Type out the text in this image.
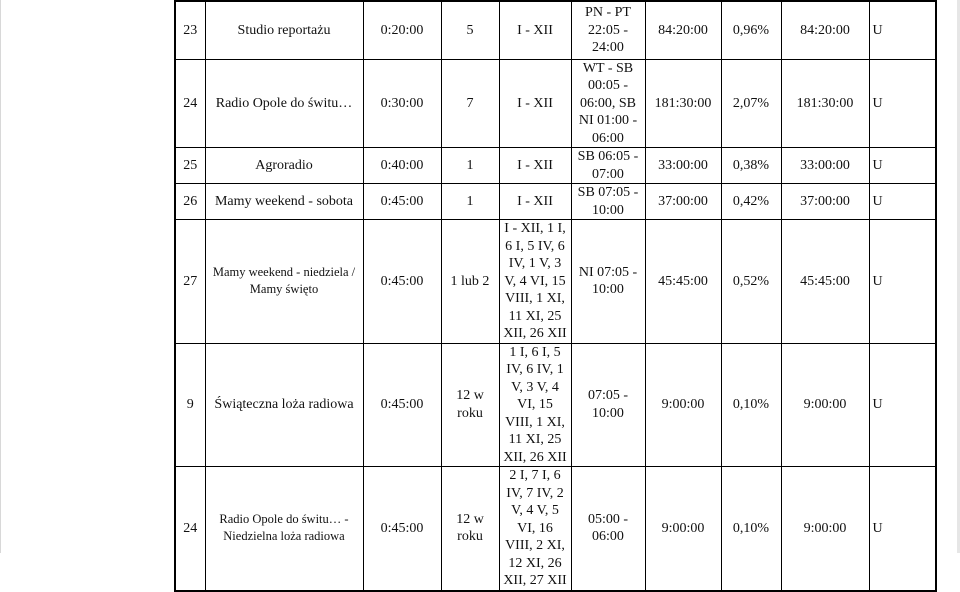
23	Studio reportażu	0:20:00	5	I - XII	PN - PT 22:05 - 24:00	84:20:00	0,96%	84:20:00	U
24	Radio Opole do świtu…	0:30:00	7	I - XII	WT - SB 00:05 - 06:00, SB NI 01:00 - 06:00	181:30:00	2,07%	181:30:00	U
25	Agroradio	0:40:00	1	I - XII	SB 06:05 - 07:00	33:00:00	0,38%	33:00:00	U
26	Mamy weekend - sobota	0:45:00	1	I - XII	SB 07:05 - 10:00	37:00:00	0,42%	37:00:00	U
27	Mamy weekend - niedziela / Mamy święto	0:45:00	1 lub 2	I - XII, 1 I, 6 I, 5 IV, 6 IV, 1 V, 3 V, 4 VI, 15 VIII, 1 XI, 11 XI, 25 XII, 26 XII	NI 07:05 - 10:00	45:45:00	0,52%	45:45:00	U
9	Świąteczna loża radiowa	0:45:00	12 w roku	1 I, 6 I, 5 IV, 6 IV, 1 V, 3 V, 4 VI, 15 VIII, 1 XI, 11 XI, 25 XII, 26 XII	07:05 - 10:00	9:00:00	0,10%	9:00:00	U
24	Radio Opole do świtu… - Niedzielna loża radiowa	0:45:00	12 w roku	2 I, 7 I, 6 IV, 7 IV, 2 V, 4 V, 5 VI, 16 VIII, 2 XI, 12 XI, 26 XII, 27 XII	05:00 - 06:00	9:00:00	0,10%	9:00:00	U
